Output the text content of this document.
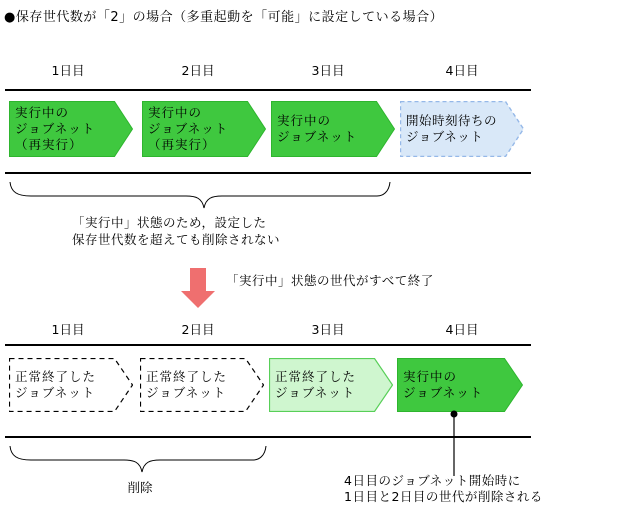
●保存世代数が「2」の場合（多重起動を「可能」に設定している場合）
1日目	2日目	3日目	4日目
実行中の
ジョブネット
（再実行）
実行中の
ジョブネット
（再実行）
実行中の
ジョブネット
開始時刻待ちの
ジョブネット
「実行中」状態のため，設定した
保存世代数を超えても削除されない
「実行中」状態の世代がすべて終了
1日目	2日目	3日目	4日目
正常終了した
ジョブネット
正常終了した
ジョブネット
正常終了した
ジョブネット
実行中の
ジョブネット
削除	4日目のジョブネット開始時に
1日目と2日目の世代が削除される
